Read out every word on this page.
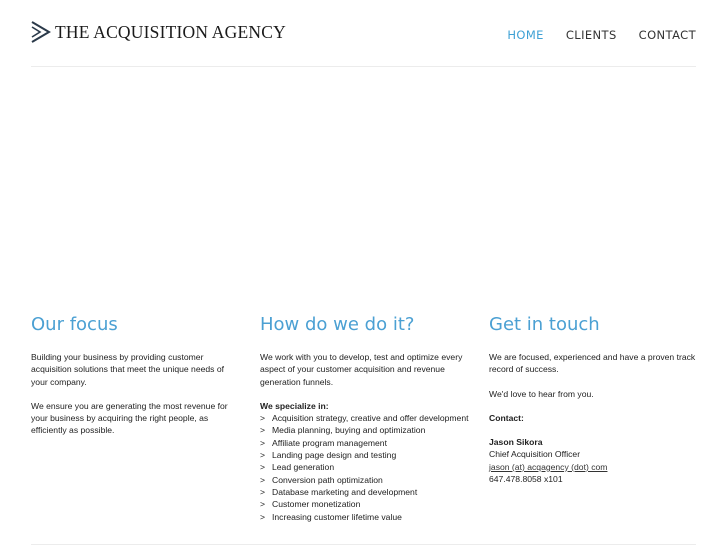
THE ACQUISITION AGENCY	HOME CLIENTS CONTACT
Our focus

Building your business by providing customer acquisition solutions that meet the unique needs of your company.

We ensure you are generating the most revenue for your business by acquiring the right people, as efficiently as possible.

How do we do it?

We work with you to develop, test and optimize every aspect of your customer acquisition and revenue generation funnels.

We specialize in:
> Acquisition strategy, creative and offer development
> Media planning, buying and optimization
> Affiliate program management
> Landing page design and testing
> Lead generation
> Conversion path optimization
> Database marketing and development
> Customer monetization
> Increasing customer lifetime value
Get in touch

We are focused, experienced and have a proven track record of success.

We'd love to hear from you.

Contact:

Jason Sikora
Chief Acquisition Officer
jason (at) acqagency (dot) com
647.478.8058 x101
